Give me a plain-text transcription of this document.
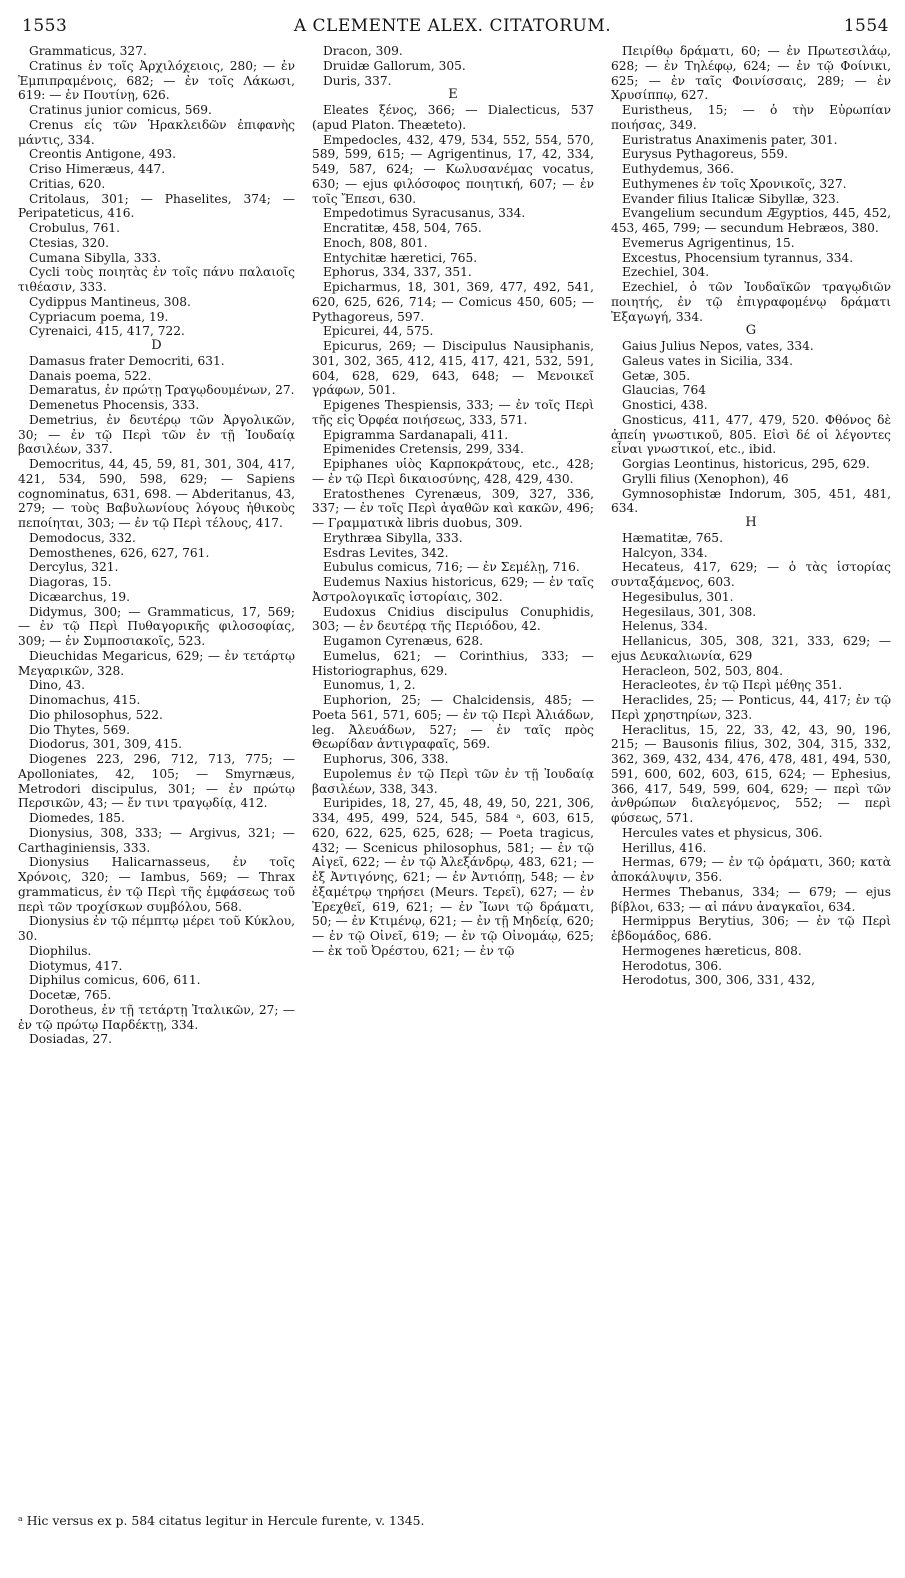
1553	A CLEMENTE ALEX. CITATORUM.	1554

Grammaticus, 327.

Cratinus ἐν τοῖς Ἀρχιλόχειοις, 280; — ἐν Ἐμπιπραμένοις, 682; — ἐν τοῖς Λάκωσι, 619: — ἐν Πουτίνῃ, 626.

Cratinus junior comicus, 569.

Crenus εἷς τῶν Ἡρακλειδῶν ἐπιφανὴς μάντις, 334.

Creontis Antigone, 493.

Criso Himeræus, 447.

Critias, 620.

Critolaus, 301; — Phaselites, 374; — Peripateticus, 416.

Crobulus, 761.

Ctesias, 320.

Cumana Sibylla, 333.

Cycli τοὺς ποιητὰς ἐν τοῖς πάνυ παλαιοῖς τιθέασιν, 333.

Cydippus Mantineus, 308.

Cypriacum poema, 19.

Cyrenaici, 415, 417, 722.

D

Damasus frater Democriti, 631.

Danais poema, 522.

Demaratus, ἐν πρώτῃ Τραγῳδουμένων, 27.

Demenetus Phocensis, 333.

Demetrius, ἐν δευτέρῳ τῶν Ἀργολικῶν, 30; — ἐν τῷ Περὶ τῶν ἐν τῇ Ἰουδαίᾳ βασιλέων, 337.

Democritus, 44, 45, 59, 81, 301, 304, 417, 421, 534, 590, 598, 629; — Sapiens cognominatus, 631, 698. — Abderitanus, 43, 279; — τοὺς Βαβυλωνίους λόγους ἠθικοὺς πεποίηται, 303; — ἐν τῷ Περὶ τέλους, 417.

Demodocus, 332.

Demosthenes, 626, 627, 761.

Dercylus, 321.

Diagoras, 15.

Dicæarchus, 19.

Didymus, 300; — Grammaticus, 17, 569; — ἐν τῷ Περὶ Πυθαγορικῆς φιλοσοφίας, 309; — ἐν Συμποσιακοῖς, 523.

Dieuchidas Megaricus, 629; — ἐν τετάρτῳ Μεγαρικῶν, 328.

Dino, 43.

Dinomachus, 415.

Dio philosophus, 522.

Dio Thytes, 569.

Diodorus, 301, 309, 415.

Diogenes 223, 296, 712, 713, 775; — Apolloniates, 42, 105; — Smyrnæus, Metrodori discipulus, 301; — ἐν πρώτῳ Περσικῶν, 43; — ἔν τινι τραγῳδίᾳ, 412.

Diomedes, 185.

Dionysius, 308, 333; — Argivus, 321; — Carthaginiensis, 333.

Dionysius Halicarnasseus, ἐν τοῖς Χρόνοις, 320; — Iambus, 569; — Thrax grammaticus, ἐν τῷ Περὶ τῆς ἐμφάσεως τοῦ περὶ τῶν τροχίσκων συμβόλου, 568.

Dionysius ἐν τῷ πέμπτῳ μέρει τοῦ Κύκλου, 30.

Diophilus.

Diotymus, 417.

Diphilus comicus, 606, 611.

Docetæ, 765.

Dorotheus, ἐν τῇ τετάρτῃ Ἰταλικῶν, 27; — ἐν τῷ πρώτῳ Παρδέκτῃ, 334.

Dosiadas, 27.

Dracon, 309.

Druidæ Gallorum, 305.

Duris, 337.

E

Eleates ξένος, 366; — Dialecticus, 537 (apud Platon. Theæteto).

Empedocles, 432, 479, 534, 552, 554, 570, 589, 599, 615; — Agrigentinus, 17, 42, 334, 549, 587, 624; — Κωλυσανέμας vocatus, 630; — ejus φιλόσοφος ποιητική, 607; — ἐν τοῖς Ἔπεσι, 630.

Empedotimus Syracusanus, 334.

Encratitæ, 458, 504, 765.

Enoch, 808, 801.

Entychitæ hæretici, 765.

Ephorus, 334, 337, 351.

Epicharmus, 18, 301, 369, 477, 492, 541, 620, 625, 626, 714; — Comicus 450, 605; — Pythagoreus, 597.

Epicurei, 44, 575.

Epicurus, 269; — Discipulus Nausiphanis, 301, 302, 365, 412, 415, 417, 421, 532, 591, 604, 628, 629, 643, 648; — Μενοικεῖ γράφων, 501.

Epigenes Thespiensis, 333; — ἐν τοῖς Περὶ τῆς εἰς Ὀρφέα ποιήσεως, 333, 571.

Epigramma Sardanapali, 411.

Epimenides Cretensis, 299, 334.

Epiphanes υἱὸς Καρποκράτους, etc., 428; — ἐν τῷ Περὶ δικαιοσύνης, 428, 429, 430.

Eratosthenes Cyrenæus, 309, 327, 336, 337; — ἐν τοῖς Περὶ ἀγαθῶν καὶ κακῶν, 496; — Γραμματικὰ libris duobus, 309.

Erythræa Sibylla, 333.

Esdras Levites, 342.

Eubulus comicus, 716; — ἐν Σεμέλῃ, 716.

Eudemus Naxius historicus, 629; — ἐν ταῖς Ἀστρολογικαῖς ἱστορίαις, 302.

Eudoxus Cnidius discipulus Conuphidis, 303; — ἐν δευτέρᾳ τῆς Περιόδου, 42.

Eugamon Cyrenæus, 628.

Eumelus, 621; — Corinthius, 333; — Historiographus, 629.

Eunomus, 1, 2.

Euphorion, 25; — Chalcidensis, 485; — Poeta 561, 571, 605; — ἐν τῷ Περὶ Ἀλιάδων, leg. Ἀλευάδων, 527; — ἐν ταῖς πρὸς Θεωρίδαν ἀντιγραφαῖς, 569.

Euphorus, 306, 338.

Eupolemus ἐν τῷ Περὶ τῶν ἐν τῇ Ἰουδαίᾳ βασιλέων, 338, 343.

Euripides, 18, 27, 45, 48, 49, 50, 221, 306, 334, 495, 499, 524, 545, 584 ᵃ, 603, 615, 620, 622, 625, 625, 628; — Poeta tragicus, 432; — Scenicus philosophus, 581; — ἐν τῷ Αἰγεῖ, 622; — ἐν τῷ Ἀλεξάνδρῳ, 483, 621; — ἐξ Ἀντιγόνης, 621; — ἐν Ἀντιόπῃ, 548; — ἐν ἐξαμέτρῳ τηρήσει (Meurs. Τερεῖ), 627; — ἐν Ἐρεχθεῖ, 619, 621; — ἐν Ἴωνι τῷ δράματι, 50; — ἐν Κτιμένῳ, 621; — ἐν τῇ Μηδείᾳ, 620; — ἐν τῷ Οἰνεῖ, 619; — ἐν τῷ Οἰνομάῳ, 625; — ἐκ τοῦ Ὀρέστου, 621; — ἐν τῷ

Πειρίθῳ δράματι, 60; — ἐν Πρωτεσιλάῳ, 628; — ἐν Τηλέφῳ, 624; — ἐν τῷ Φοίνικι, 625; — ἐν ταῖς Φοινίσσαις, 289; — ἐν Χρυσίππῳ, 627.

Euristheus, 15; — ὁ τὴν Εὐρωπίαν ποιήσας, 349.

Euristratus Anaximenis pater, 301.

Eurysus Pythagoreus, 559.

Euthydemus, 366.

Euthymenes ἐν τοῖς Χρονικοῖς, 327.

Evander filius Italicæ Sibyllæ, 323.

Evangelium secundum Ægyptios, 445, 452, 453, 465, 799; — secundum Hebræos, 380.

Evemerus Agrigentinus, 15.

Excestus, Phocensium tyrannus, 334.

Ezechiel, 304.

Ezechiel, ὁ τῶν Ἰουδαϊκῶν τραγῳδιῶν ποιητής, ἐν τῷ ἐπιγραφομένῳ δράματι Ἐξαγωγή, 334.

G

Gaius Julius Nepos, vates, 334.

Galeus vates in Sicilia, 334.

Getæ, 305.

Glaucias, 764

Gnostici, 438.

Gnosticus, 411, 477, 479, 520. Φθόνος δὲ ἀπείη γνωστικοῦ, 805. Εἰσὶ δέ οἱ λέγοντες εἶναι γνωστικοί, etc., ibid.

Gorgias Leontinus, historicus, 295, 629.

Grylli filius (Xenophon), 46

Gymnosophistæ Indorum, 305, 451, 481, 634.

H

Hæmatitæ, 765.

Halcyon, 334.

Hecateus, 417, 629; — ὁ τὰς ἱστορίας συνταξάμενος, 603.

Hegesibulus, 301.

Hegesilaus, 301, 308.

Helenus, 334.

Hellanicus, 305, 308, 321, 333, 629; — ejus Δευκαλιωνία, 629

Heracleon, 502, 503, 804.

Heracleotes, ἐν τῷ Περὶ μέθης 351.

Heraclides, 25; — Ponticus, 44, 417; ἐν τῷ Περὶ χρηστηρίων, 323.

Heraclitus, 15, 22, 33, 42, 43, 90, 196, 215; — Bausonis filius, 302, 304, 315, 332, 362, 369, 432, 434, 476, 478, 481, 494, 530, 591, 600, 602, 603, 615, 624; — Ephesius, 366, 417, 549, 599, 604, 629; — περὶ τῶν ἀνθρώπων διαλεγόμενος, 552; — περὶ φύσεως, 571.

Hercules vates et physicus, 306.

Herillus, 416.

Hermas, 679; — ἐν τῷ ὁράματι, 360; κατὰ ἀποκάλυψιν, 356.

Hermes Thebanus, 334; — 679; — ejus βίβλοι, 633; — αἱ πάνυ ἀναγκαῖοι, 634.

Hermippus Berytius, 306; — ἐν τῷ Περὶ ἑβδομάδος, 686.

Hermogenes hæreticus, 808.

Herodotus, 306.

Herodotus, 300, 306, 331, 432,

ᵃ Hic versus ex p. 584 citatus legitur in Hercule furente, v. 1345.
